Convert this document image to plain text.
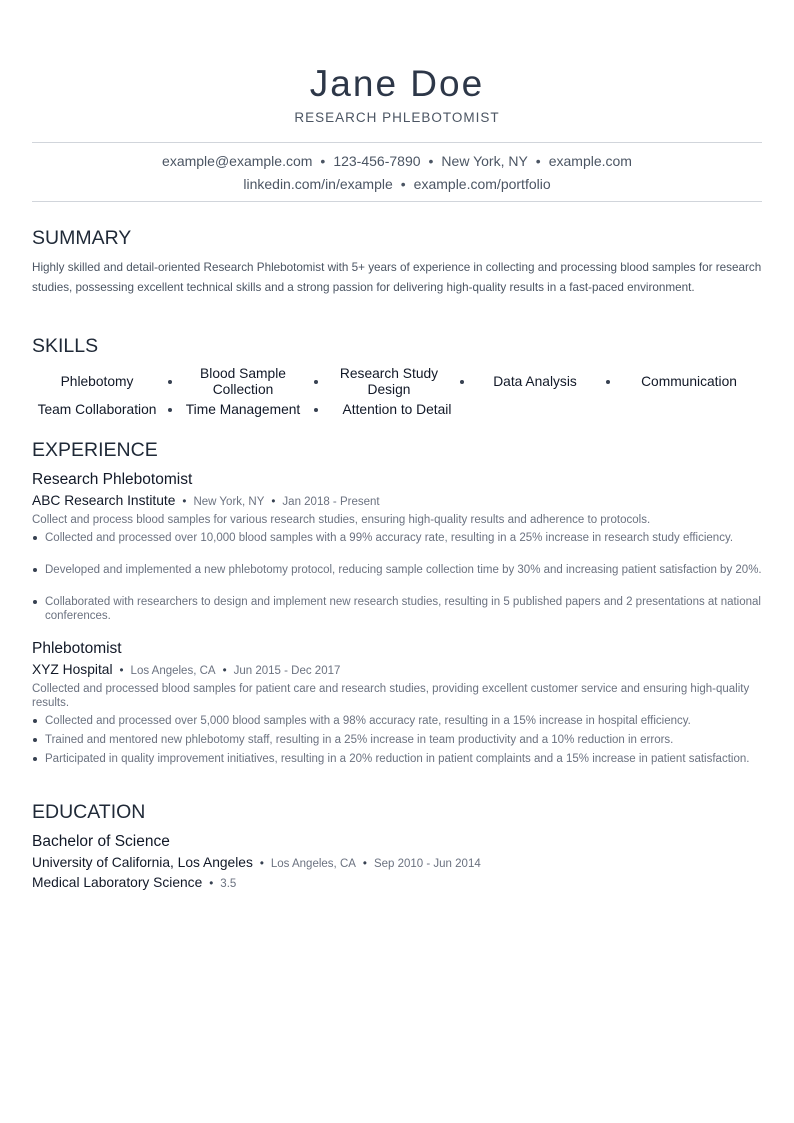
Jane Doe
RESEARCH PHLEBOTOMIST
example@example.com • 123-456-7890 • New York, NY • example.com
linkedin.com/in/example • example.com/portfolio
SUMMARY
Highly skilled and detail-oriented Research Phlebotomist with 5+ years of experience in collecting and processing blood samples for research studies, possessing excellent technical skills and a strong passion for delivering high-quality results in a fast-paced environment.
SKILLS
Phlebotomy
Blood Sample Collection
Research Study Design
Data Analysis	Communication
Team Collaboration	Time Management	Attention to Detail
EXPERIENCE
Research Phlebotomist
ABC Research Institute • New York, NY • Jan 2018 - Present
Collect and process blood samples for various research studies, ensuring high-quality results and adherence to protocols.
Collected and processed over 10,000 blood samples with a 99% accuracy rate, resulting in a 25% increase in research study efficiency.
Developed and implemented a new phlebotomy protocol, reducing sample collection time by 30% and increasing patient satisfaction by 20%.
Collaborated with researchers to design and implement new research studies, resulting in 5 published papers and 2 presentations at national conferences.
Phlebotomist
XYZ Hospital • Los Angeles, CA • Jun 2015 - Dec 2017
Collected and processed blood samples for patient care and research studies, providing excellent customer service and ensuring high-quality results.
Collected and processed over 5,000 blood samples with a 98% accuracy rate, resulting in a 15% increase in hospital efficiency.
Trained and mentored new phlebotomy staff, resulting in a 25% increase in team productivity and a 10% reduction in errors.
Participated in quality improvement initiatives, resulting in a 20% reduction in patient complaints and a 15% increase in patient satisfaction.
EDUCATION
Bachelor of Science
University of California, Los Angeles • Los Angeles, CA • Sep 2010 - Jun 2014
Medical Laboratory Science • 3.5
